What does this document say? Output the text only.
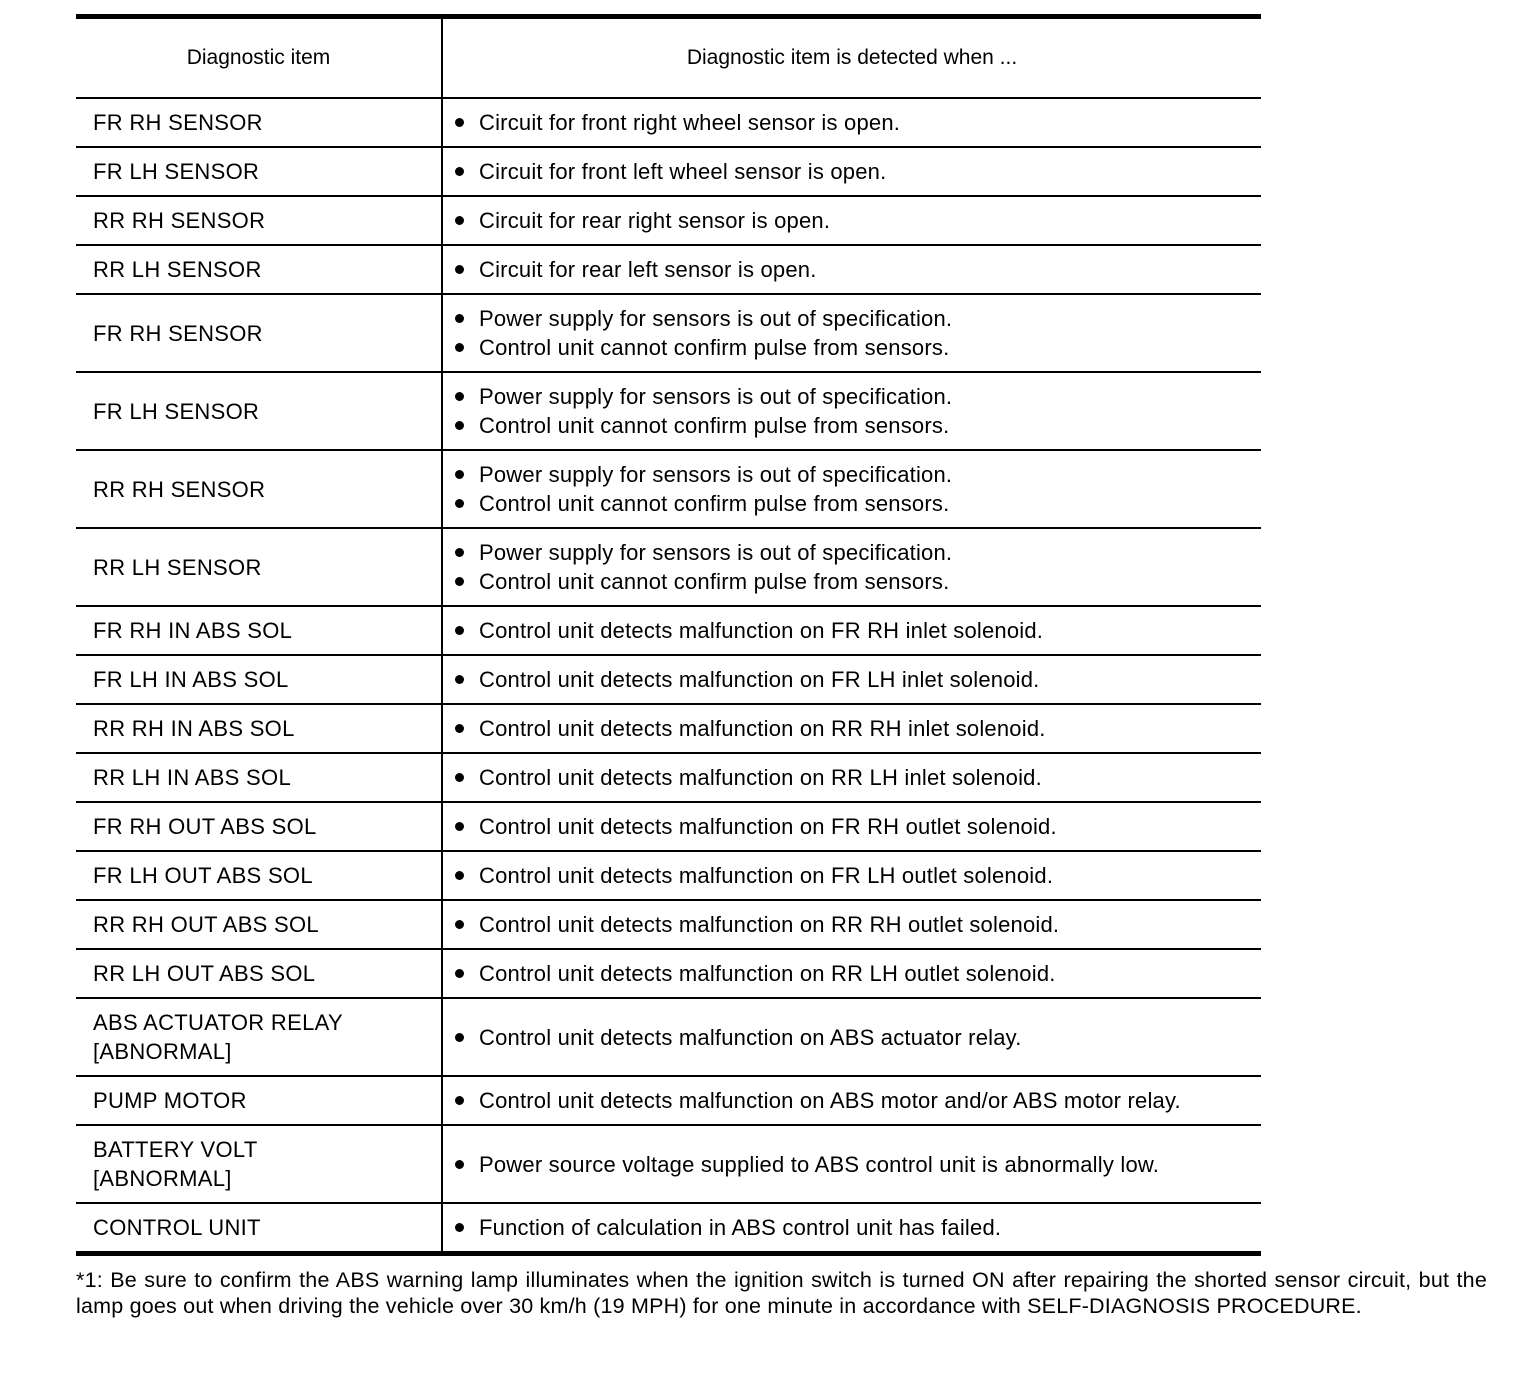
Diagnostic item	Diagnostic item is detected when ...

FR RH SENSOR	Circuit for front right wheel sensor is open.

FR LH SENSOR	Circuit for front left wheel sensor is open.

RR RH SENSOR	Circuit for rear right sensor is open.

RR LH SENSOR	Circuit for rear left sensor is open.

FR RH SENSOR	Power supply for sensors is out of specification.
Control unit cannot confirm pulse from sensors.

FR LH SENSOR	Power supply for sensors is out of specification.
Control unit cannot confirm pulse from sensors.

RR RH SENSOR	Power supply for sensors is out of specification.
Control unit cannot confirm pulse from sensors.

RR LH SENSOR	Power supply for sensors is out of specification.
Control unit cannot confirm pulse from sensors.

FR RH IN ABS SOL	Control unit detects malfunction on FR RH inlet solenoid.

FR LH IN ABS SOL	Control unit detects malfunction on FR LH inlet solenoid.

RR RH IN ABS SOL	Control unit detects malfunction on RR RH inlet solenoid.

RR LH IN ABS SOL	Control unit detects malfunction on RR LH inlet solenoid.

FR RH OUT ABS SOL	Control unit detects malfunction on FR RH outlet solenoid.

FR LH OUT ABS SOL	Control unit detects malfunction on FR LH outlet solenoid.

RR RH OUT ABS SOL	Control unit detects malfunction on RR RH outlet solenoid.

RR LH OUT ABS SOL	Control unit detects malfunction on RR LH outlet solenoid.

ABS ACTUATOR RELAY
[ABNORMAL]	Control unit detects malfunction on ABS actuator relay.

PUMP MOTOR	Control unit detects malfunction on ABS motor and/or ABS motor relay.

BATTERY VOLT
[ABNORMAL]	Power source voltage supplied to ABS control unit is abnormally low.

CONTROL UNIT	Function of calculation in ABS control unit has failed.
*1: Be sure to confirm the ABS warning lamp illuminates when the ignition switch is turned ON after repairing the shorted sensor circuit, but the lamp goes out when driving the vehicle over 30 km/h (19 MPH) for one minute in accordance with SELF-DIAGNOSIS PROCEDURE.
